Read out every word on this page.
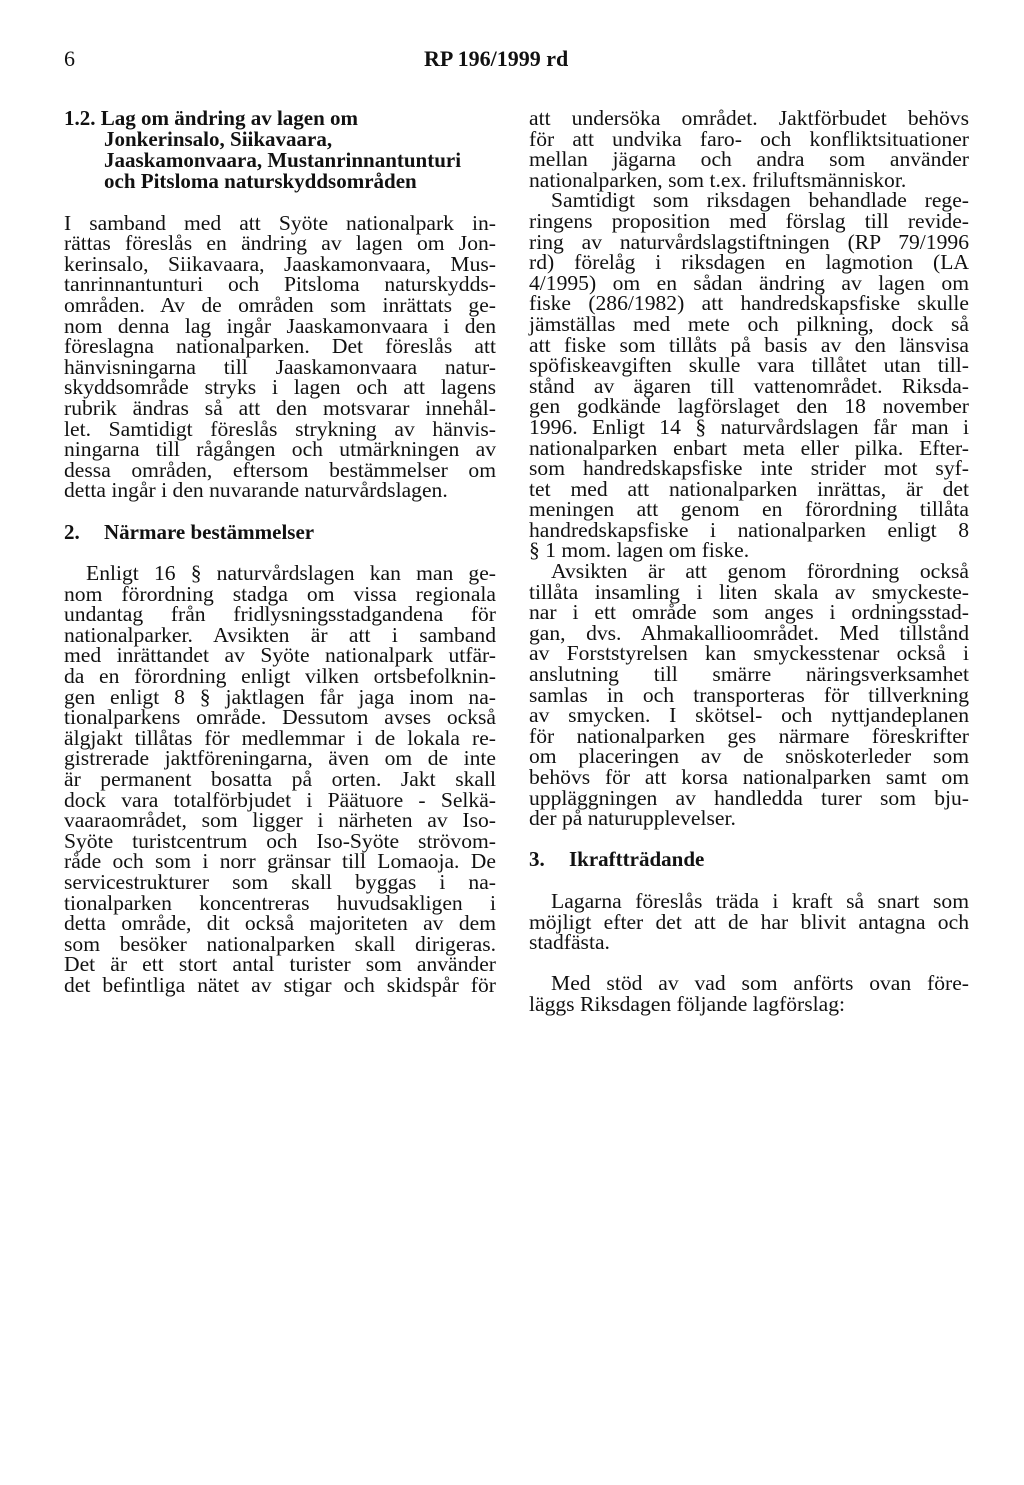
6	RP 196/1999 rd
1.2. Lag om ändring av lagen om
Jonkerinsalo, Siikavaara,
Jaaskamonvaara, Mustanrinnantunturi
och Pitsloma naturskyddsområden
I samband med att Syöte nationalpark in-
rättas föreslås en ändring av lagen om Jon-
kerinsalo, Siikavaara, Jaaskamonvaara, Mus-
tanrinnantunturi och Pitsloma naturskydds-
områden. Av de områden som inrättats ge-
nom denna lag ingår Jaaskamonvaara i den
föreslagna nationalparken. Det föreslås att
hänvisningarna till Jaaskamonvaara natur-
skyddsområde stryks i lagen och att lagens
rubrik ändras så att den motsvarar innehål-
let. Samtidigt föreslås strykning av hänvis-
ningarna till rågången och utmärkningen av
dessa områden, eftersom bestämmelser om
detta ingår i den nuvarande naturvårdslagen.
2. Närmare bestämmelser
Enligt 16 § naturvårdslagen kan man ge-
nom förordning stadga om vissa regionala
undantag från fridlysningsstadgandena för
nationalparker. Avsikten är att i samband
med inrättandet av Syöte nationalpark utfär-
da en förordning enligt vilken ortsbefolknin-
gen enligt 8 § jaktlagen får jaga inom na-
tionalparkens område. Dessutom avses också
älgjakt tillåtas för medlemmar i de lokala re-
gistrerade jaktföreningarna, även om de inte
är permanent bosatta på orten. Jakt skall
dock vara totalförbjudet i Päätuore - Selkä-
vaaraområdet, som ligger i närheten av Iso-
Syöte turistcentrum och Iso-Syöte strövom-
råde och som i norr gränsar till Lomaoja. De
servicestrukturer som skall byggas i na-
tionalparken koncentreras huvudsakligen i
detta område, dit också majoriteten av dem
som besöker nationalparken skall dirigeras.
Det är ett stort antal turister som använder
det befintliga nätet av stigar och skidspår för
att undersöka området. Jaktförbudet behövs
för att undvika faro- och konfliktsituationer
mellan jägarna och andra som använder
nationalparken, som t.ex. friluftsmänniskor.
Samtidigt som riksdagen behandlade rege-
ringens proposition med förslag till revide-
ring av naturvårdslagstiftningen (RP 79/1996
rd) förelåg i riksdagen en lagmotion (LA
4/1995) om en sådan ändring av lagen om
fiske (286/1982) att handredskapsfiske skulle
jämställas med mete och pilkning, dock så
att fiske som tillåts på basis av den länsvisa
spöfiskeavgiften skulle vara tillåtet utan till-
stånd av ägaren till vattenområdet. Riksda-
gen godkände lagförslaget den 18 november
1996. Enligt 14 § naturvårdslagen får man i
nationalparken enbart meta eller pilka. Efter-
som handredskapsfiske inte strider mot syf-
tet med att nationalparken inrättas, är det
meningen att genom en förordning tillåta
handredskapsfiske i nationalparken enligt 8
§ 1 mom. lagen om fiske.
Avsikten är att genom förordning också
tillåta insamling i liten skala av smyckeste-
nar i ett område som anges i ordningsstad-
gan, dvs. Ahmakallioområdet. Med tillstånd
av Forststyrelsen kan smyckesstenar också i
anslutning till smärre näringsverksamhet
samlas in och transporteras för tillverkning
av smycken. I skötsel- och nyttjandeplanen
för nationalparken ges närmare föreskrifter
om placeringen av de snöskoterleder som
behövs för att korsa nationalparken samt om
uppläggningen av handledda turer som bju-
der på naturupplevelser.
3. Ikraftträdande
Lagarna föreslås träda i kraft så snart som
möjligt efter det att de har blivit antagna och
stadfästa.
Med stöd av vad som anförts ovan före-
läggs Riksdagen följande lagförslag:
